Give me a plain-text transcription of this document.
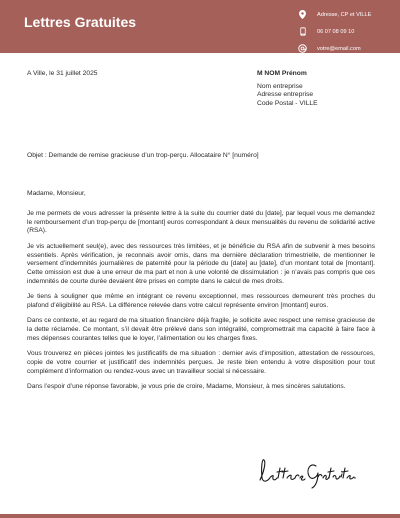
Lettres Gratuites	Adresse, CP et VILLE
06 07 08 09 10
votre@email.com
A Ville, le 31 juillet 2025	M NOM Prénom
Nom entreprise
Adresse entreprise
Code Postal - VILLE
Objet : Demande de remise gracieuse d’un trop-perçu. Allocataire N° [numéro]
Madame, Monsieur,

Je me permets de vous adresser la présente lettre à la suite du courrier daté du [date], par lequel vous me demandez le remboursement d’un trop-perçu de [montant] euros correspondant à deux mensualités du revenu de solidarité active (RSA).

Je vis actuellement seul(e), avec des ressources très limitées, et je bénéficie du RSA afin de subvenir à mes besoins essentiels. Après vérification, je reconnais avoir omis, dans ma dernière déclaration trimestrielle, de mentionner le versement d’indemnités journalières de paternité pour la période du [date] au [date], d’un montant total de [montant]. Cette omission est due à une erreur de ma part et non à une volonté de dissimulation : je n’avais pas compris que ces indemnités de courte durée devaient être prises en compte dans le calcul de mes droits.

Je tiens à souligner que même en intégrant ce revenu exceptionnel, mes ressources demeurent très proches du plafond d’éligibilité au RSA. La différence relevée dans votre calcul représente environ [montant] euros.

Dans ce contexte, et au regard de ma situation financière déjà fragile, je sollicite avec respect une remise gracieuse de la dette réclamée. Ce montant, s’il devait être prélevé dans son intégralité, compromettrait ma capacité à faire face à mes dépenses courantes telles que le loyer, l’alimentation ou les charges fixes.

Vous trouverez en pièces jointes les justificatifs de ma situation : dernier avis d’imposition, attestation de ressources, copie de votre courrier et justificatif des indemnités perçues. Je reste bien entendu à votre disposition pour tout complément d’information ou rendez-vous avec un travailleur social si nécessaire.

Dans l’espoir d’une réponse favorable, je vous prie de croire, Madame, Monsieur, à mes sincères salutations.
